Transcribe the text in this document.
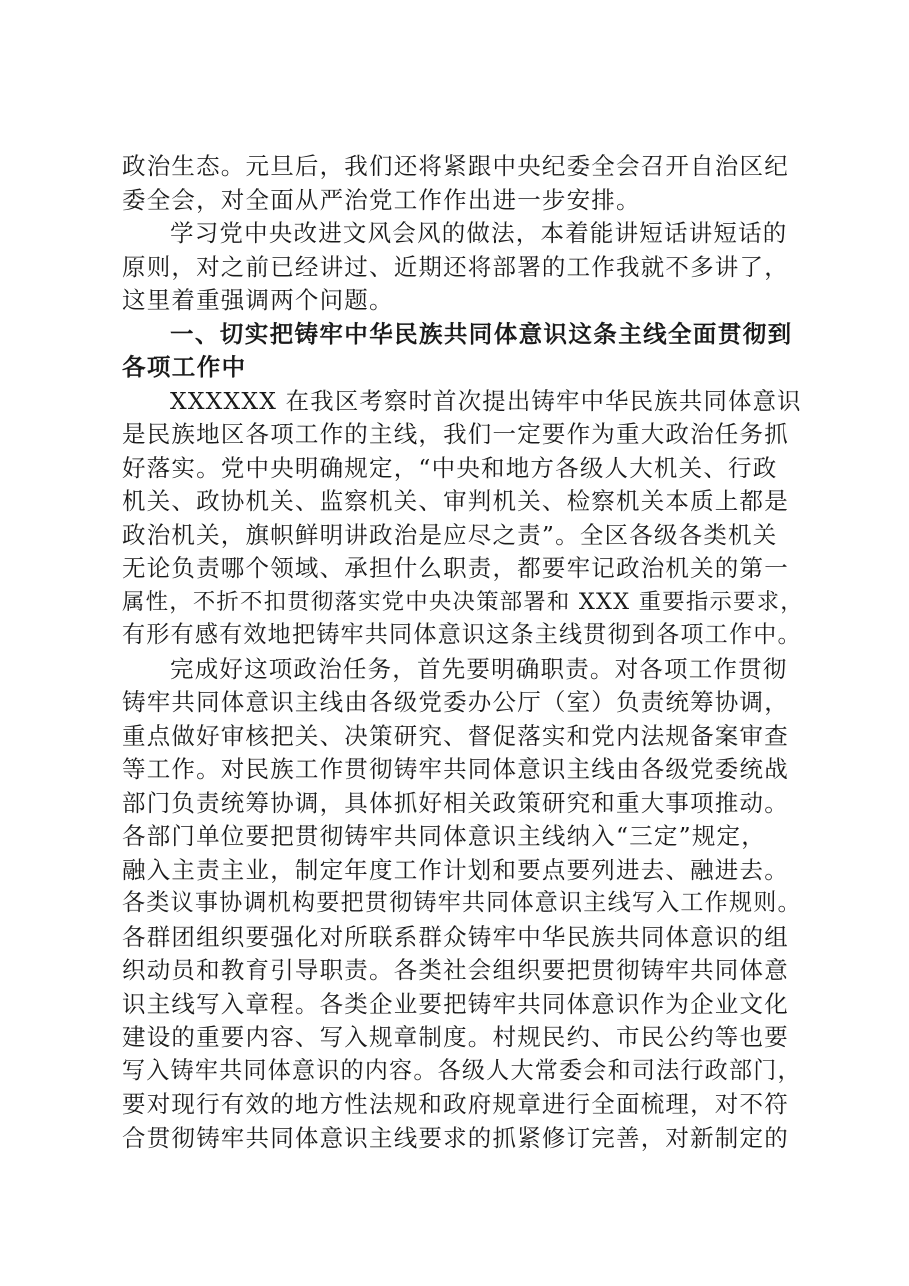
政治生态。元旦后，我们还将紧跟中央纪委全会召开自治区纪
委全会，对全面从严治党工作作出进一步安排。
学习党中央改进文风会风的做法，本着能讲短话讲短话的
原则，对之前已经讲过、近期还将部署的工作我就不多讲了，
这里着重强调两个问题。
一、切实把铸牢中华民族共同体意识这条主线全面贯彻到
各项工作中
XXXXXX 在我区考察时首次提出铸牢中华民族共同体意识
是民族地区各项工作的主线，我们一定要作为重大政治任务抓
好落实。党中央明确规定，“中央和地方各级人大机关、行政
机关、政协机关、监察机关、审判机关、检察机关本质上都是
政治机关，旗帜鲜明讲政治是应尽之责”。全区各级各类机关
无论负责哪个领域、承担什么职责，都要牢记政治机关的第一
属性，不折不扣贯彻落实党中央决策部署和 XXX 重要指示要求，
有形有感有效地把铸牢共同体意识这条主线贯彻到各项工作中。
完成好这项政治任务，首先要明确职责。对各项工作贯彻
铸牢共同体意识主线由各级党委办公厅（室）负责统筹协调，
重点做好审核把关、决策研究、督促落实和党内法规备案审查
等工作。对民族工作贯彻铸牢共同体意识主线由各级党委统战
部门负责统筹协调，具体抓好相关政策研究和重大事项推动。
各部门单位要把贯彻铸牢共同体意识主线纳入“三定”规定，
融入主责主业，制定年度工作计划和要点要列进去、融进去。
各类议事协调机构要把贯彻铸牢共同体意识主线写入工作规则。
各群团组织要强化对所联系群众铸牢中华民族共同体意识的组
织动员和教育引导职责。各类社会组织要把贯彻铸牢共同体意
识主线写入章程。各类企业要把铸牢共同体意识作为企业文化
建设的重要内容、写入规章制度。村规民约、市民公约等也要
写入铸牢共同体意识的内容。各级人大常委会和司法行政部门，
要对现行有效的地方性法规和政府规章进行全面梳理，对不符
合贯彻铸牢共同体意识主线要求的抓紧修订完善，对新制定的
